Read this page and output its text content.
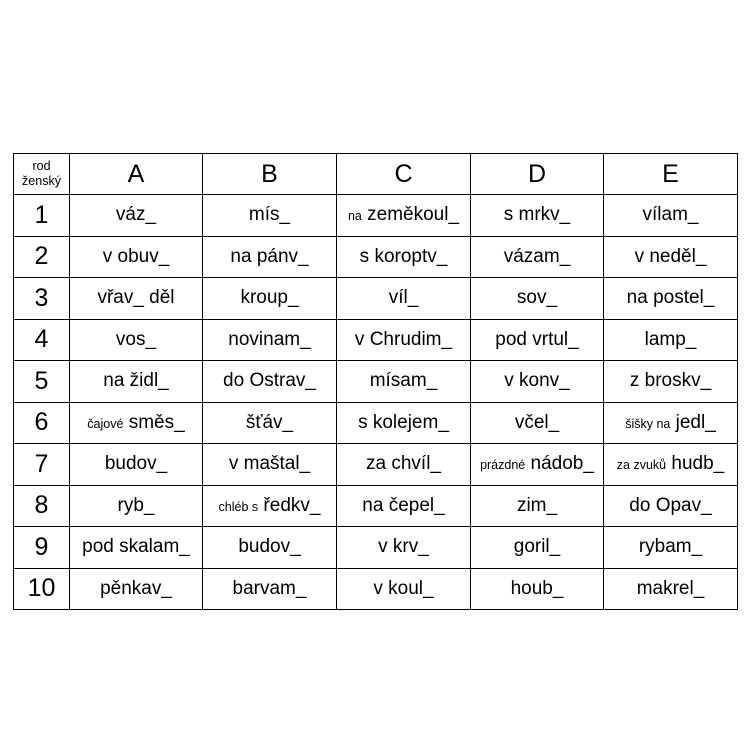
rod
ženský	A	B	C	D	E
1	váz_	mís_	na zeměkoul_	s mrkv_	vílam_
2	v obuv_	na pánv_	s koroptv_	vázam_	v neděl_
3	vřav_ děl	kroup_	víl_	sov_	na postel_
4	vos_	novinam_	v Chrudim_	pod vrtul_	lamp_
5	na židl_	do Ostrav_	mísam_	v konv_	z broskv_
6	čajové směs_	šťáv_	s kolejem_	včel_	šišky na jedl_
7	budov_	v maštal_	za chvíl_	prázdné nádob_	za zvuků hudb_
8	ryb_	chléb s ředkv_	na čepel_	zim_	do Opav_
9	pod skalam_	budov_	v krv_	goril_	rybam_
10	pěnkav_	barvam_	v koul_	houb_	makrel_
